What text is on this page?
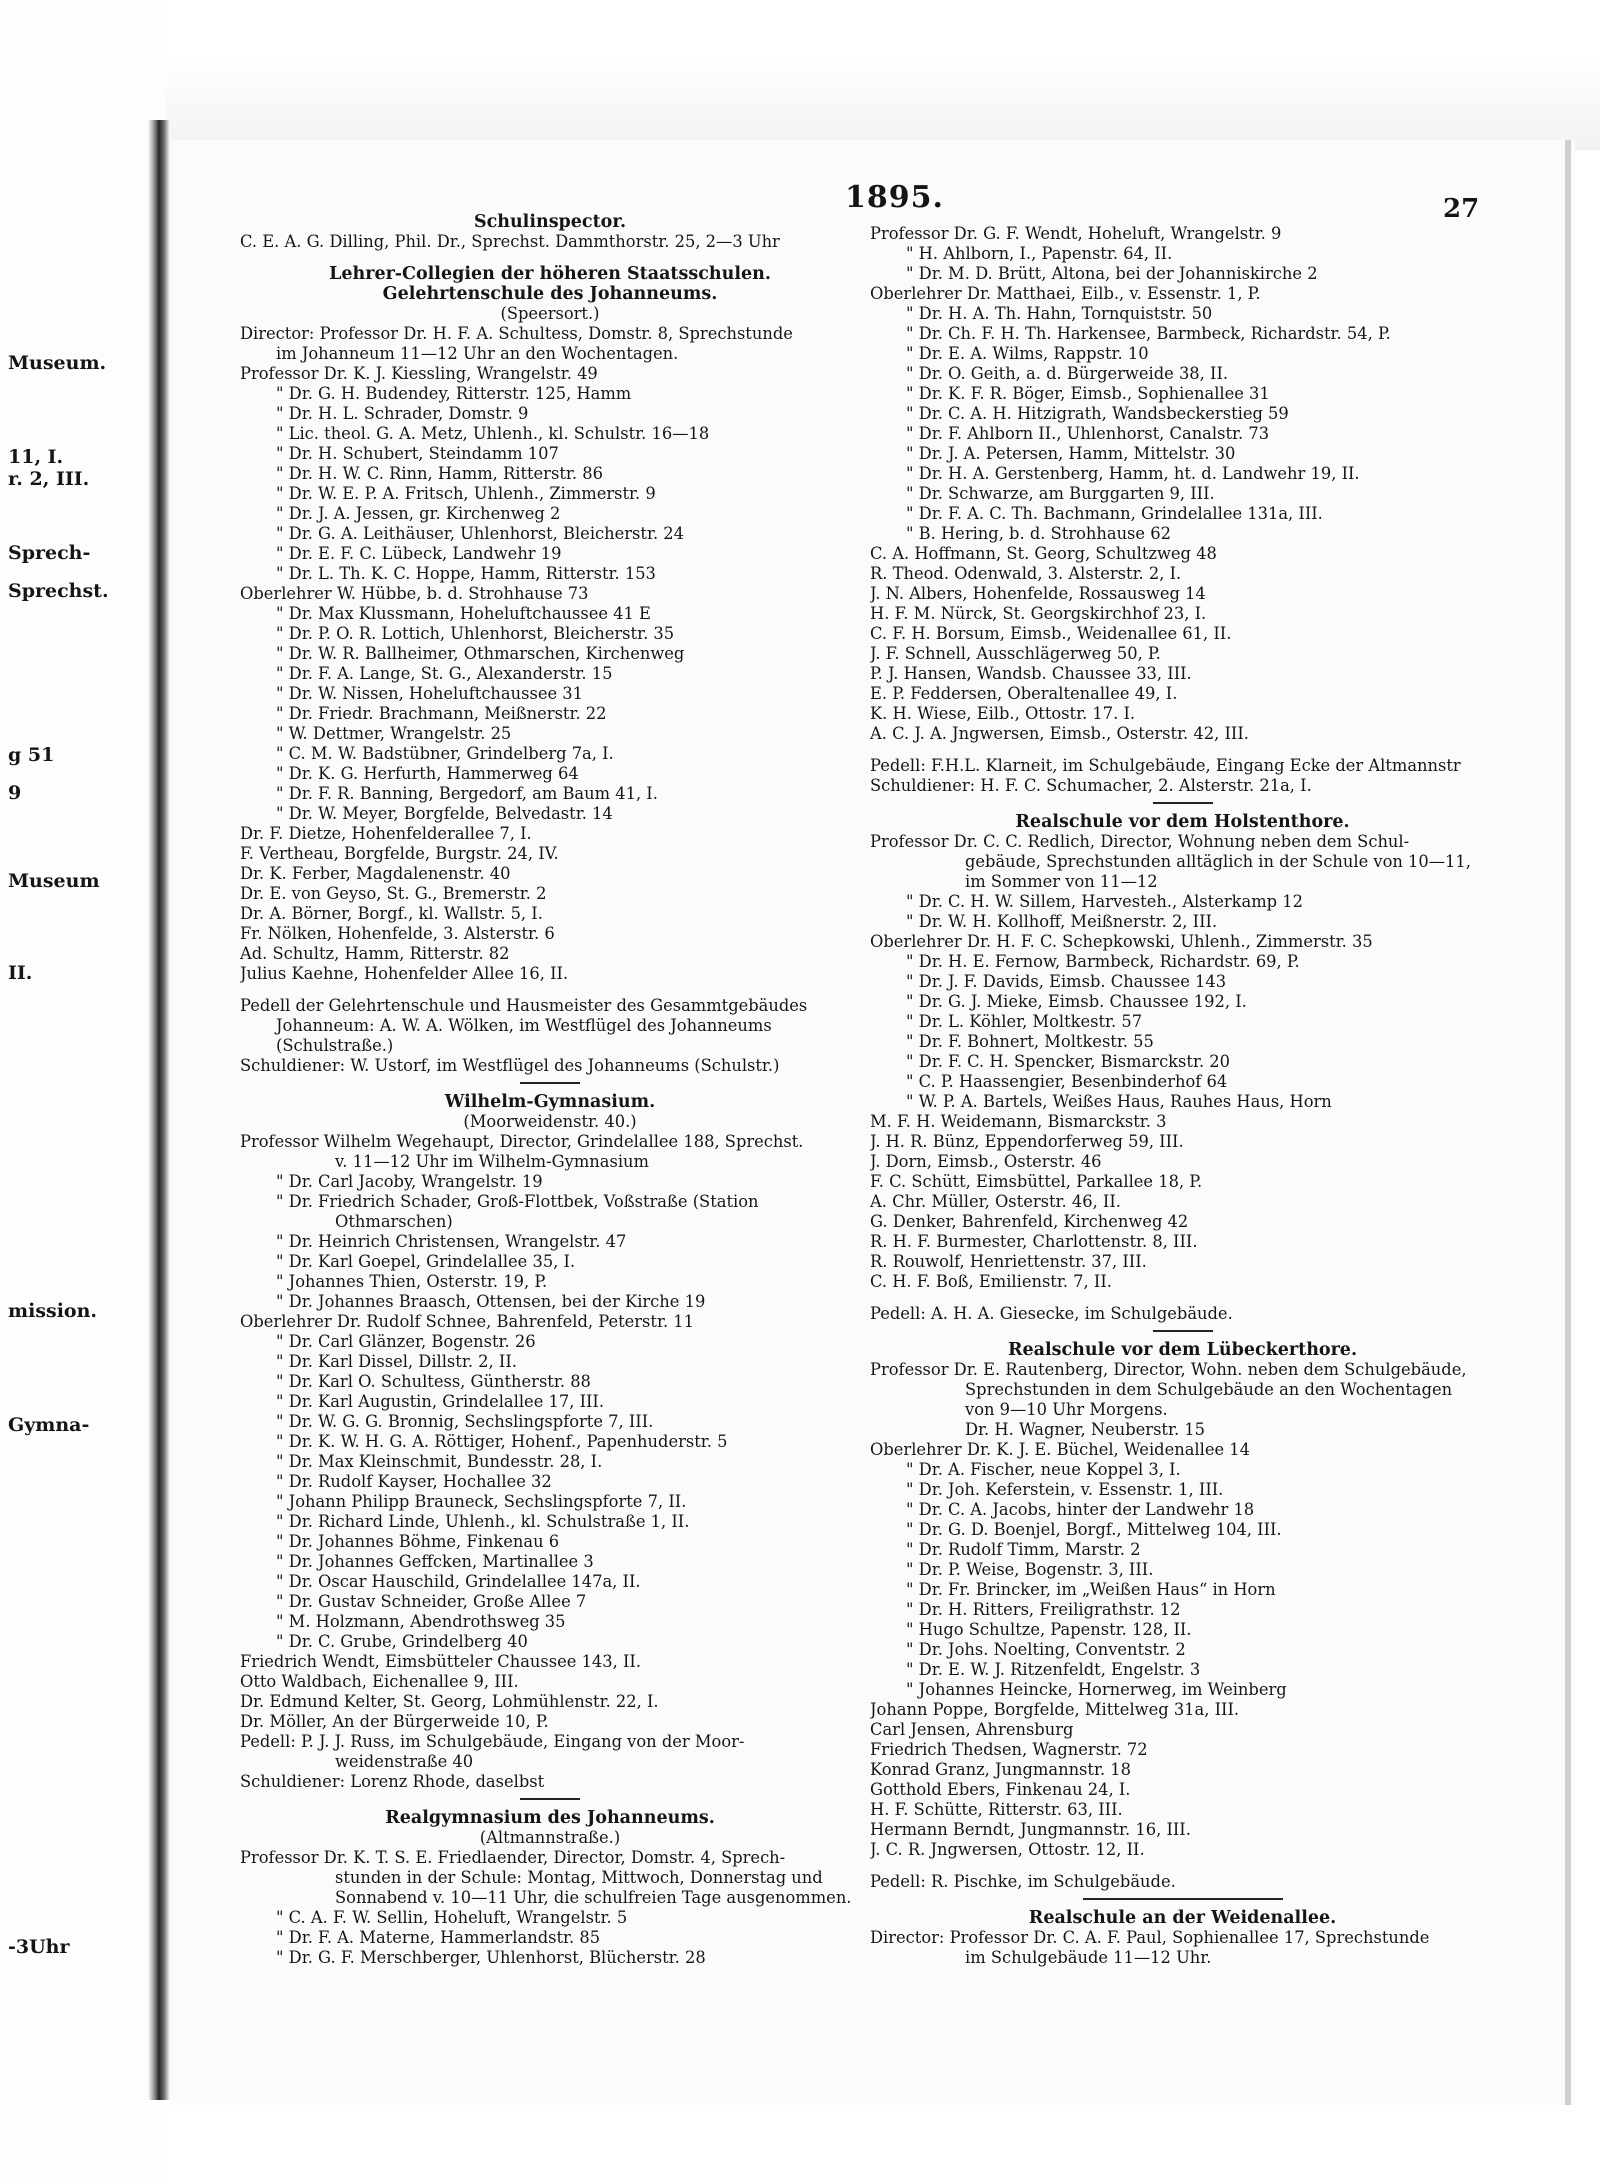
Museum.
11, I.
r. 2, III.
Sprech-
Sprechst.
g 51
9
Museum
II.
mission.
Gymna-
-3Uhr
1895.	27
Schulinspector.
C. E. A. G. Dilling, Phil. Dr., Sprechst. Dammthorstr. 25, 2—3 Uhr
Lehrer-Collegien der höheren Staatsschulen.
Gelehrtenschule des Johanneums.
(Speersort.)
Director: Professor Dr. H. F. A. Schultess, Domstr. 8, Sprechstunde
im Johanneum 11—12 Uhr an den Wochentagen.
Professor Dr. K. J. Kiessling, Wrangelstr. 49
" Dr. G. H. Budendey, Ritterstr. 125, Hamm
" Dr. H. L. Schrader, Domstr. 9
" Lic. theol. G. A. Metz, Uhlenh., kl. Schulstr. 16—18
" Dr. H. Schubert, Steindamm 107
" Dr. H. W. C. Rinn, Hamm, Ritterstr. 86
" Dr. W. E. P. A. Fritsch, Uhlenh., Zimmerstr. 9
" Dr. J. A. Jessen, gr. Kirchenweg 2
" Dr. G. A. Leithäuser, Uhlenhorst, Bleicherstr. 24
" Dr. E. F. C. Lübeck, Landwehr 19
" Dr. L. Th. K. C. Hoppe, Hamm, Ritterstr. 153
Oberlehrer W. Hübbe, b. d. Strohhause 73
" Dr. Max Klussmann, Hoheluftchaussee 41 E
" Dr. P. O. R. Lottich, Uhlenhorst, Bleicherstr. 35
" Dr. W. R. Ballheimer, Othmarschen, Kirchenweg
" Dr. F. A. Lange, St. G., Alexanderstr. 15
" Dr. W. Nissen, Hoheluftchaussee 31
" Dr. Friedr. Brachmann, Meißnerstr. 22
" W. Dettmer, Wrangelstr. 25
" C. M. W. Badstübner, Grindelberg 7a, I.
" Dr. K. G. Herfurth, Hammerweg 64
" Dr. F. R. Banning, Bergedorf, am Baum 41, I.
" Dr. W. Meyer, Borgfelde, Belvedastr. 14
Dr. F. Dietze, Hohenfelderallee 7, I.
F. Vertheau, Borgfelde, Burgstr. 24, IV.
Dr. K. Ferber, Magdalenenstr. 40
Dr. E. von Geyso, St. G., Bremerstr. 2
Dr. A. Börner, Borgf., kl. Wallstr. 5, I.
Fr. Nölken, Hohenfelde, 3. Alsterstr. 6
Ad. Schultz, Hamm, Ritterstr. 82
Julius Kaehne, Hohenfelder Allee 16, II.
Pedell der Gelehrtenschule und Hausmeister des Gesammtgebäudes
Johanneum: A. W. A. Wölken, im Westflügel des Johanneums
(Schulstraße.)
Schuldiener: W. Ustorf, im Westflügel des Johanneums (Schulstr.)
Wilhelm-Gymnasium.
(Moorweidenstr. 40.)
Professor Wilhelm Wegehaupt, Director, Grindelallee 188, Sprechst.
v. 11—12 Uhr im Wilhelm-Gymnasium
" Dr. Carl Jacoby, Wrangelstr. 19
" Dr. Friedrich Schader, Groß-Flottbek, Voßstraße (Station
Othmarschen)
" Dr. Heinrich Christensen, Wrangelstr. 47
" Dr. Karl Goepel, Grindelallee 35, I.
" Johannes Thien, Osterstr. 19, P.
" Dr. Johannes Braasch, Ottensen, bei der Kirche 19
Oberlehrer Dr. Rudolf Schnee, Bahrenfeld, Peterstr. 11
" Dr. Carl Glänzer, Bogenstr. 26
" Dr. Karl Dissel, Dillstr. 2, II.
" Dr. Karl O. Schultess, Güntherstr. 88
" Dr. Karl Augustin, Grindelallee 17, III.
" Dr. W. G. G. Bronnig, Sechslingspforte 7, III.
" Dr. K. W. H. G. A. Röttiger, Hohenf., Papenhuderstr. 5
" Dr. Max Kleinschmit, Bundesstr. 28, I.
" Dr. Rudolf Kayser, Hochallee 32
" Johann Philipp Brauneck, Sechslingspforte 7, II.
" Dr. Richard Linde, Uhlenh., kl. Schulstraße 1, II.
" Dr. Johannes Böhme, Finkenau 6
" Dr. Johannes Geffcken, Martinallee 3
" Dr. Oscar Hauschild, Grindelallee 147a, II.
" Dr. Gustav Schneider, Große Allee 7
" M. Holzmann, Abendrothsweg 35
" Dr. C. Grube, Grindelberg 40
Friedrich Wendt, Eimsbütteler Chaussee 143, II.
Otto Waldbach, Eichenallee 9, III.
Dr. Edmund Kelter, St. Georg, Lohmühlenstr. 22, I.
Dr. Möller, An der Bürgerweide 10, P.
Pedell: P. J. J. Russ, im Schulgebäude, Eingang von der Moor-
weidenstraße 40
Schuldiener: Lorenz Rhode, daselbst
Realgymnasium des Johanneums.
(Altmannstraße.)
Professor Dr. K. T. S. E. Friedlaender, Director, Domstr. 4, Sprech-
stunden in der Schule: Montag, Mittwoch, Donnerstag und
Sonnabend v. 10—11 Uhr, die schulfreien Tage ausgenommen.
" C. A. F. W. Sellin, Hoheluft, Wrangelstr. 5
" Dr. F. A. Materne, Hammerlandstr. 85
" Dr. G. F. Merschberger, Uhlenhorst, Blücherstr. 28
Professor Dr. G. F. Wendt, Hoheluft, Wrangelstr. 9
" H. Ahlborn, I., Papenstr. 64, II.
" Dr. M. D. Brütt, Altona, bei der Johanniskirche 2
Oberlehrer Dr. Matthaei, Eilb., v. Essenstr. 1, P.
" Dr. H. A. Th. Hahn, Tornquiststr. 50
" Dr. Ch. F. H. Th. Harkensee, Barmbeck, Richardstr. 54, P.
" Dr. E. A. Wilms, Rappstr. 10
" Dr. O. Geith, a. d. Bürgerweide 38, II.
" Dr. K. F. R. Böger, Eimsb., Sophienallee 31
" Dr. C. A. H. Hitzigrath, Wandsbeckerstieg 59
" Dr. F. Ahlborn II., Uhlenhorst, Canalstr. 73
" Dr. J. A. Petersen, Hamm, Mittelstr. 30
" Dr. H. A. Gerstenberg, Hamm, ht. d. Landwehr 19, II.
" Dr. Schwarze, am Burggarten 9, III.
" Dr. F. A. C. Th. Bachmann, Grindelallee 131a, III.
" B. Hering, b. d. Strohhause 62
C. A. Hoffmann, St. Georg, Schultzweg 48
R. Theod. Odenwald, 3. Alsterstr. 2, I.
J. N. Albers, Hohenfelde, Rossausweg 14
H. F. M. Nürck, St. Georgskirchhof 23, I.
C. F. H. Borsum, Eimsb., Weidenallee 61, II.
J. F. Schnell, Ausschlägerweg 50, P.
P. J. Hansen, Wandsb. Chaussee 33, III.
E. P. Feddersen, Oberaltenallee 49, I.
K. H. Wiese, Eilb., Ottostr. 17. I.
A. C. J. A. Jngwersen, Eimsb., Osterstr. 42, III.
Pedell: F.H.L. Klarneit, im Schulgebäude, Eingang Ecke der Altmannstr
Schuldiener: H. F. C. Schumacher, 2. Alsterstr. 21a, I.
Realschule vor dem Holstenthore.
Professor Dr. C. C. Redlich, Director, Wohnung neben dem Schul-
gebäude, Sprechstunden alltäglich in der Schule von 10—11,
im Sommer von 11—12
" Dr. C. H. W. Sillem, Harvesteh., Alsterkamp 12
" Dr. W. H. Kollhoff, Meißnerstr. 2, III.
Oberlehrer Dr. H. F. C. Schepkowski, Uhlenh., Zimmerstr. 35
" Dr. H. E. Fernow, Barmbeck, Richardstr. 69, P.
" Dr. J. F. Davids, Eimsb. Chaussee 143
" Dr. G. J. Mieke, Eimsb. Chaussee 192, I.
" Dr. L. Köhler, Moltkestr. 57
" Dr. F. Bohnert, Moltkestr. 55
" Dr. F. C. H. Spencker, Bismarckstr. 20
" C. P. Haassengier, Besenbinderhof 64
" W. P. A. Bartels, Weißes Haus, Rauhes Haus, Horn
M. F. H. Weidemann, Bismarckstr. 3
J. H. R. Bünz, Eppendorferweg 59, III.
J. Dorn, Eimsb., Osterstr. 46
F. C. Schütt, Eimsbüttel, Parkallee 18, P.
A. Chr. Müller, Osterstr. 46, II.
G. Denker, Bahrenfeld, Kirchenweg 42
R. H. F. Burmester, Charlottenstr. 8, III.
R. Rouwolf, Henriettenstr. 37, III.
C. H. F. Boß, Emilienstr. 7, II.
Pedell: A. H. A. Giesecke, im Schulgebäude.
Realschule vor dem Lübeckerthore.
Professor Dr. E. Rautenberg, Director, Wohn. neben dem Schulgebäude,
Sprechstunden in dem Schulgebäude an den Wochentagen
von 9—10 Uhr Morgens.
Dr. H. Wagner, Neuberstr. 15
Oberlehrer Dr. K. J. E. Büchel, Weidenallee 14
" Dr. A. Fischer, neue Koppel 3, I.
" Dr. Joh. Keferstein, v. Essenstr. 1, III.
" Dr. C. A. Jacobs, hinter der Landwehr 18
" Dr. G. D. Boenjel, Borgf., Mittelweg 104, III.
" Dr. Rudolf Timm, Marstr. 2
" Dr. P. Weise, Bogenstr. 3, III.
" Dr. Fr. Brincker, im „Weißen Haus“ in Horn
" Dr. H. Ritters, Freiligrathstr. 12
" Hugo Schultze, Papenstr. 128, II.
" Dr. Johs. Noelting, Conventstr. 2
" Dr. E. W. J. Ritzenfeldt, Engelstr. 3
" Johannes Heincke, Hornerweg, im Weinberg
Johann Poppe, Borgfelde, Mittelweg 31a, III.
Carl Jensen, Ahrensburg
Friedrich Thedsen, Wagnerstr. 72
Konrad Granz, Jungmannstr. 18
Gotthold Ebers, Finkenau 24, I.
H. F. Schütte, Ritterstr. 63, III.
Hermann Berndt, Jungmannstr. 16, III.
J. C. R. Jngwersen, Ottostr. 12, II.
Pedell: R. Pischke, im Schulgebäude.
Realschule an der Weidenallee.
Director: Professor Dr. C. A. F. Paul, Sophienallee 17, Sprechstunde
im Schulgebäude 11—12 Uhr.
